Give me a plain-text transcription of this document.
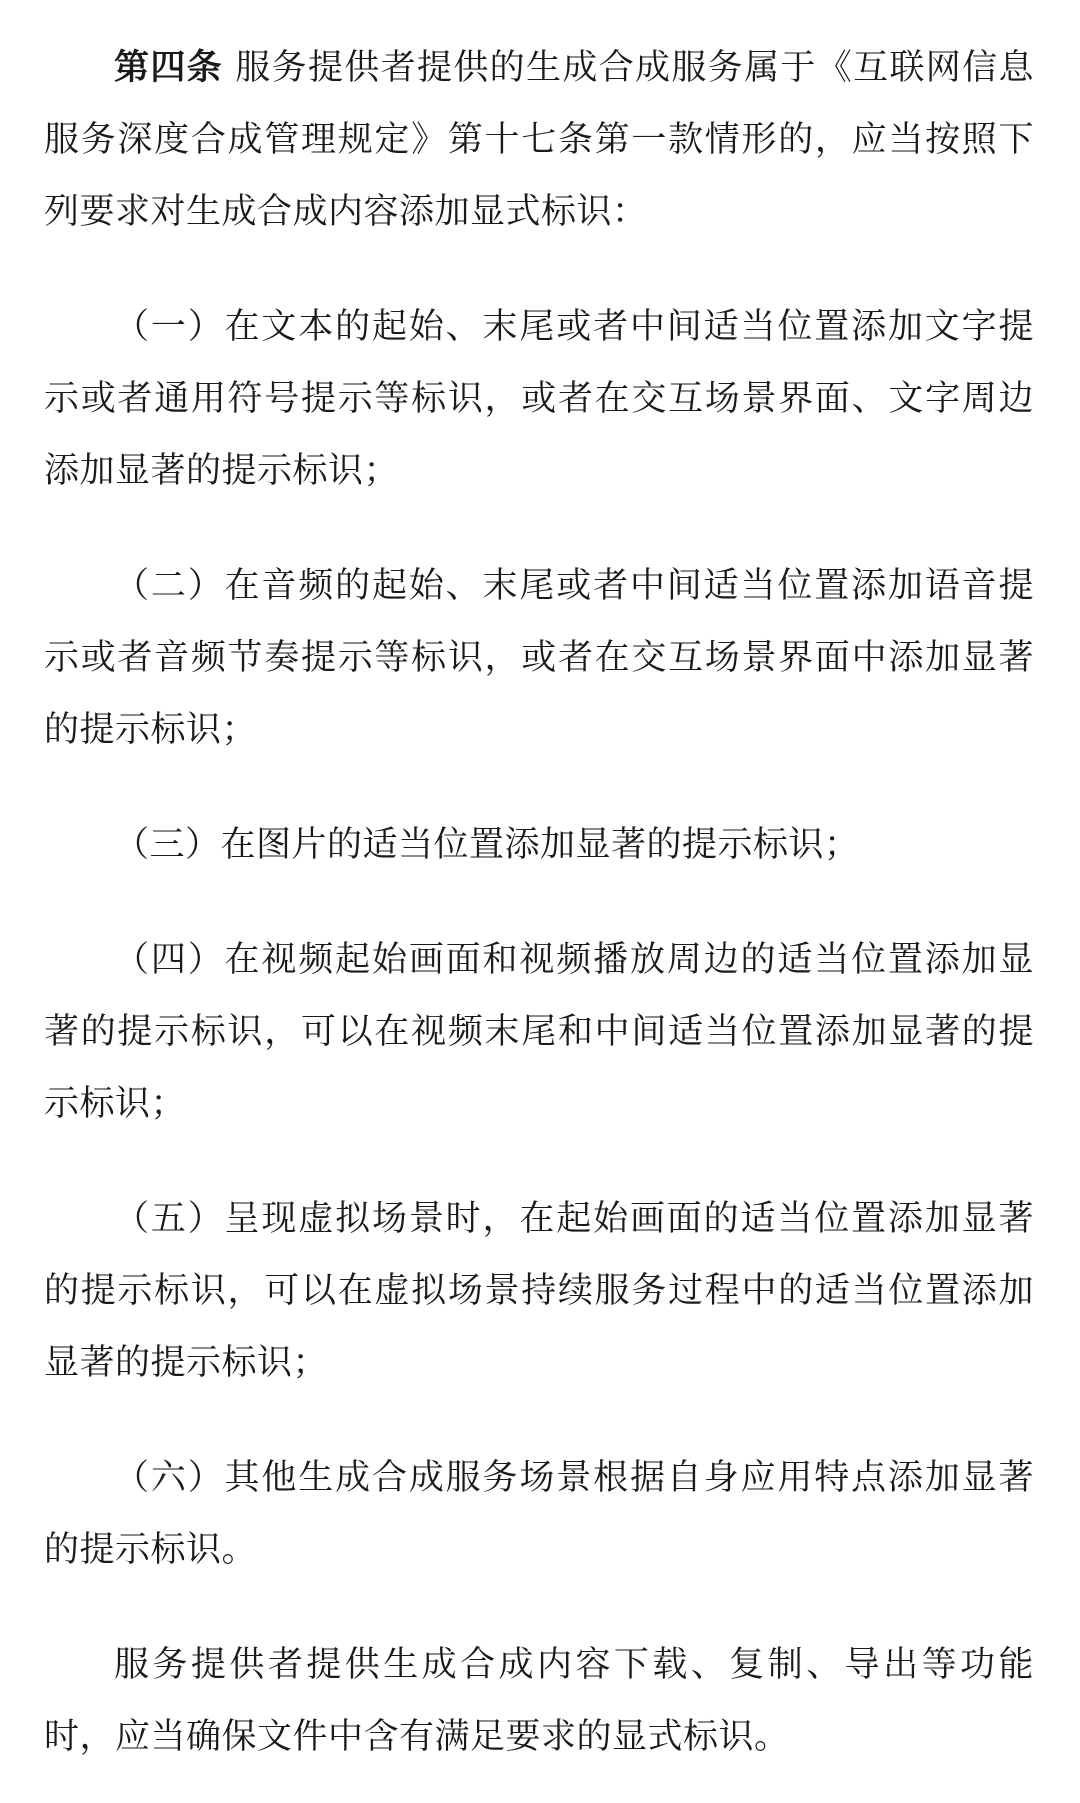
第四条 服务提供者提供的生成合成服务属于《互联网信息服务深度合成管理规定》第十七条第一款情形的，应当按照下列要求对生成合成内容添加显式标识：

（一）在文本的起始、末尾或者中间适当位置添加文字提示或者通用符号提示等标识，或者在交互场景界面、文字周边添加显著的提示标识；

（二）在音频的起始、末尾或者中间适当位置添加语音提示或者音频节奏提示等标识，或者在交互场景界面中添加显著的提示标识；

（三）在图片的适当位置添加显著的提示标识；

（四）在视频起始画面和视频播放周边的适当位置添加显著的提示标识，可以在视频末尾和中间适当位置添加显著的提示标识；

（五）呈现虚拟场景时，在起始画面的适当位置添加显著的提示标识，可以在虚拟场景持续服务过程中的适当位置添加显著的提示标识；

（六）其他生成合成服务场景根据自身应用特点添加显著的提示标识。

服务提供者提供生成合成内容下载、复制、导出等功能时，应当确保文件中含有满足要求的显式标识。
